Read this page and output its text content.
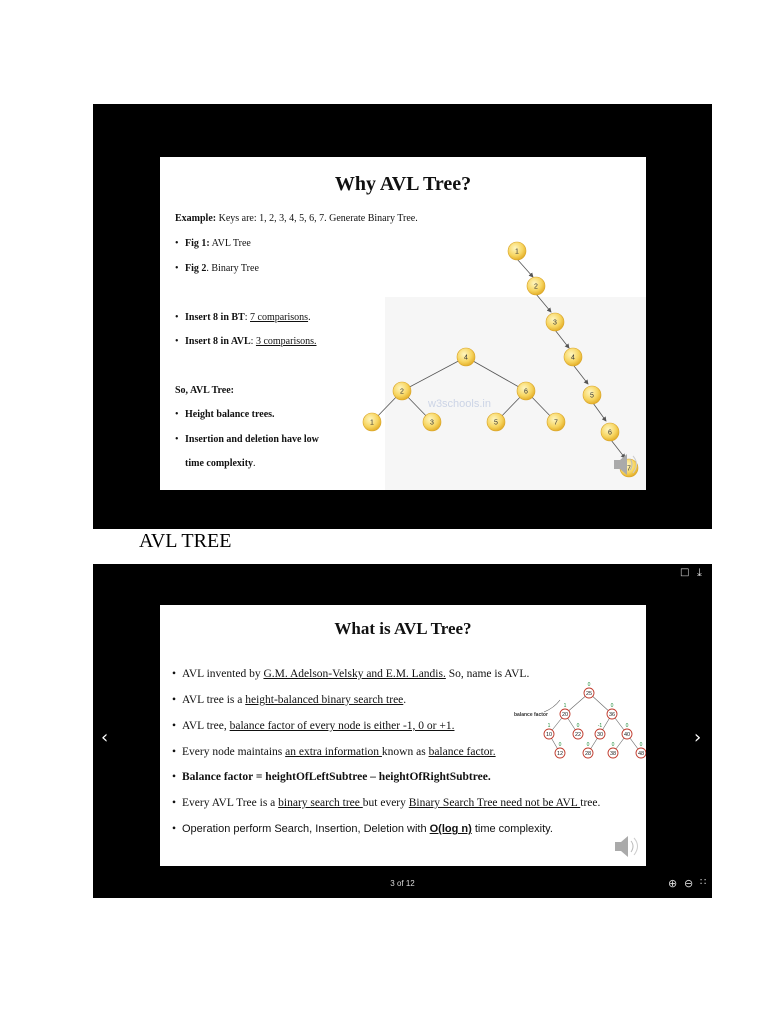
Why AVL Tree?
Example: Keys are: 1, 2, 3, 4, 5, 6, 7. Generate Binary Tree.
• Fig 1: AVL Tree
• Fig 2. Binary Tree
• Insert 8 in BT: 7 comparisons.
• Insert 8 in AVL: 3 comparisons.
So, AVL Tree:
• Height balance trees.
• Insertion and deletion have low
time complexity.
w3schools.in
4
2	6
1	3	5	7
1
2
3
4
5
6
7
AVL TREE
□ ⤓
‹	›
What is AVL Tree?
• AVL invented by G.M. Adelson-Velsky and E.M. Landis. So, name is AVL.
• AVL tree is a height-balanced binary search tree.
• AVL tree, balance factor of every node is either -1, 0 or +1.
• Every node maintains an extra information known as balance factor.
• Balance factor = heightOfLeftSubtree – heightOfRightSubtree.
• Every AVL Tree is a binary search tree but every Binary Search Tree need not be AVL tree.
• Operation perform Search, Insertion, Deletion with O(log n) time complexity.
balance factor
25
0
20
1
36
0
10
1
22
0
30
-1
40
0
12
0
28
0
38
0
48
0
3 of 12	⊕ ⊖ ∷
